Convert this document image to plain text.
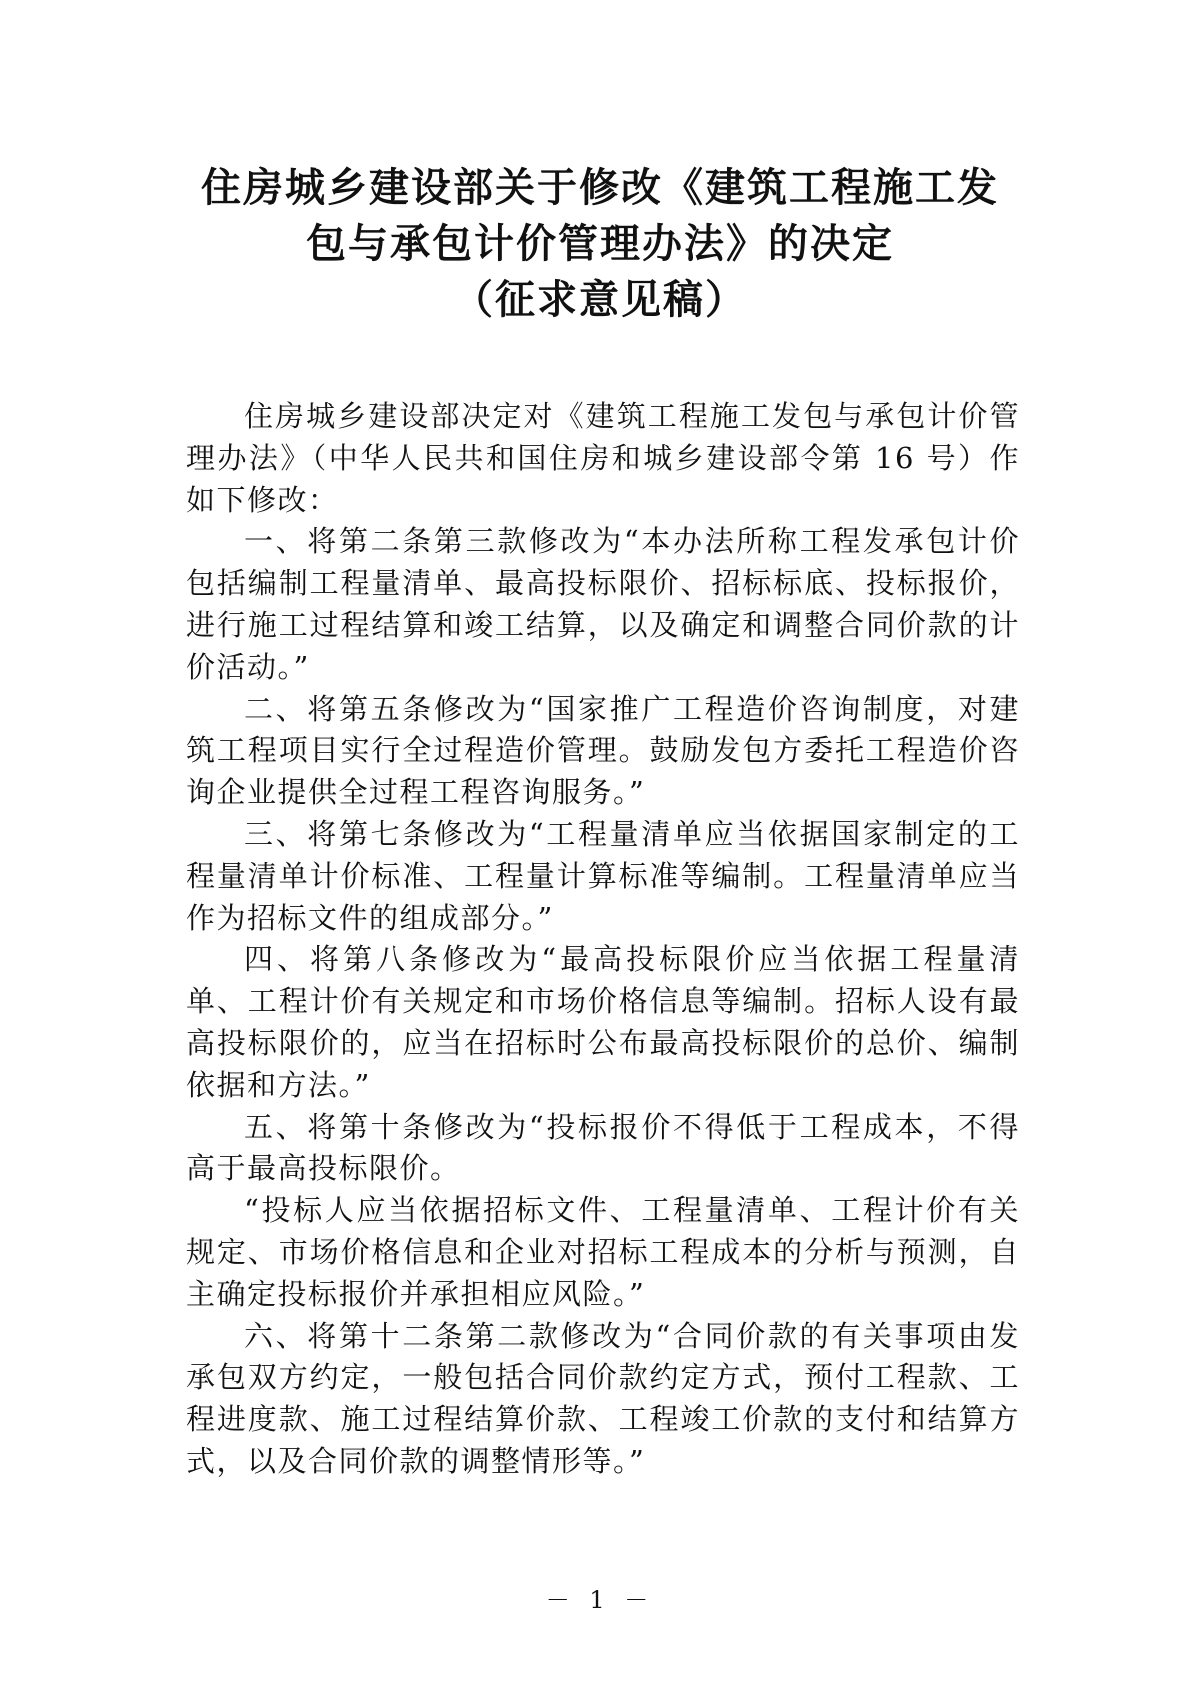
住房城乡建设部关于修改《建筑工程施工发
包与承包计价管理办法》的决定
（征求意见稿）

住房城乡建设部决定对《建筑工程施工发包与承包计价管理办法》（中华人民共和国住房和城乡建设部令第 16 号）作如下修改：

一、将第二条第三款修改为“本办法所称工程发承包计价包括编制工程量清单、最高投标限价、招标标底、投标报价，进行施工过程结算和竣工结算，以及确定和调整合同价款的计价活动。”

二、将第五条修改为“国家推广工程造价咨询制度，对建筑工程项目实行全过程造价管理。鼓励发包方委托工程造价咨询企业提供全过程工程咨询服务。”

三、将第七条修改为“工程量清单应当依据国家制定的工程量清单计价标准、工程量计算标准等编制。工程量清单应当作为招标文件的组成部分。”

四、将第八条修改为“最高投标限价应当依据工程量清单、工程计价有关规定和市场价格信息等编制。招标人设有最高投标限价的，应当在招标时公布最高投标限价的总价、编制依据和方法。”

五、将第十条修改为“投标报价不得低于工程成本，不得高于最高投标限价。

“投标人应当依据招标文件、工程量清单、工程计价有关规定、市场价格信息和企业对招标工程成本的分析与预测，自主确定投标报价并承担相应风险。”

六、将第十二条第二款修改为“合同价款的有关事项由发承包双方约定，一般包括合同价款约定方式，预付工程款、工程进度款、施工过程结算价款、工程竣工价款的支付和结算方式，以及合同价款的调整情形等。”

－ 1 －
